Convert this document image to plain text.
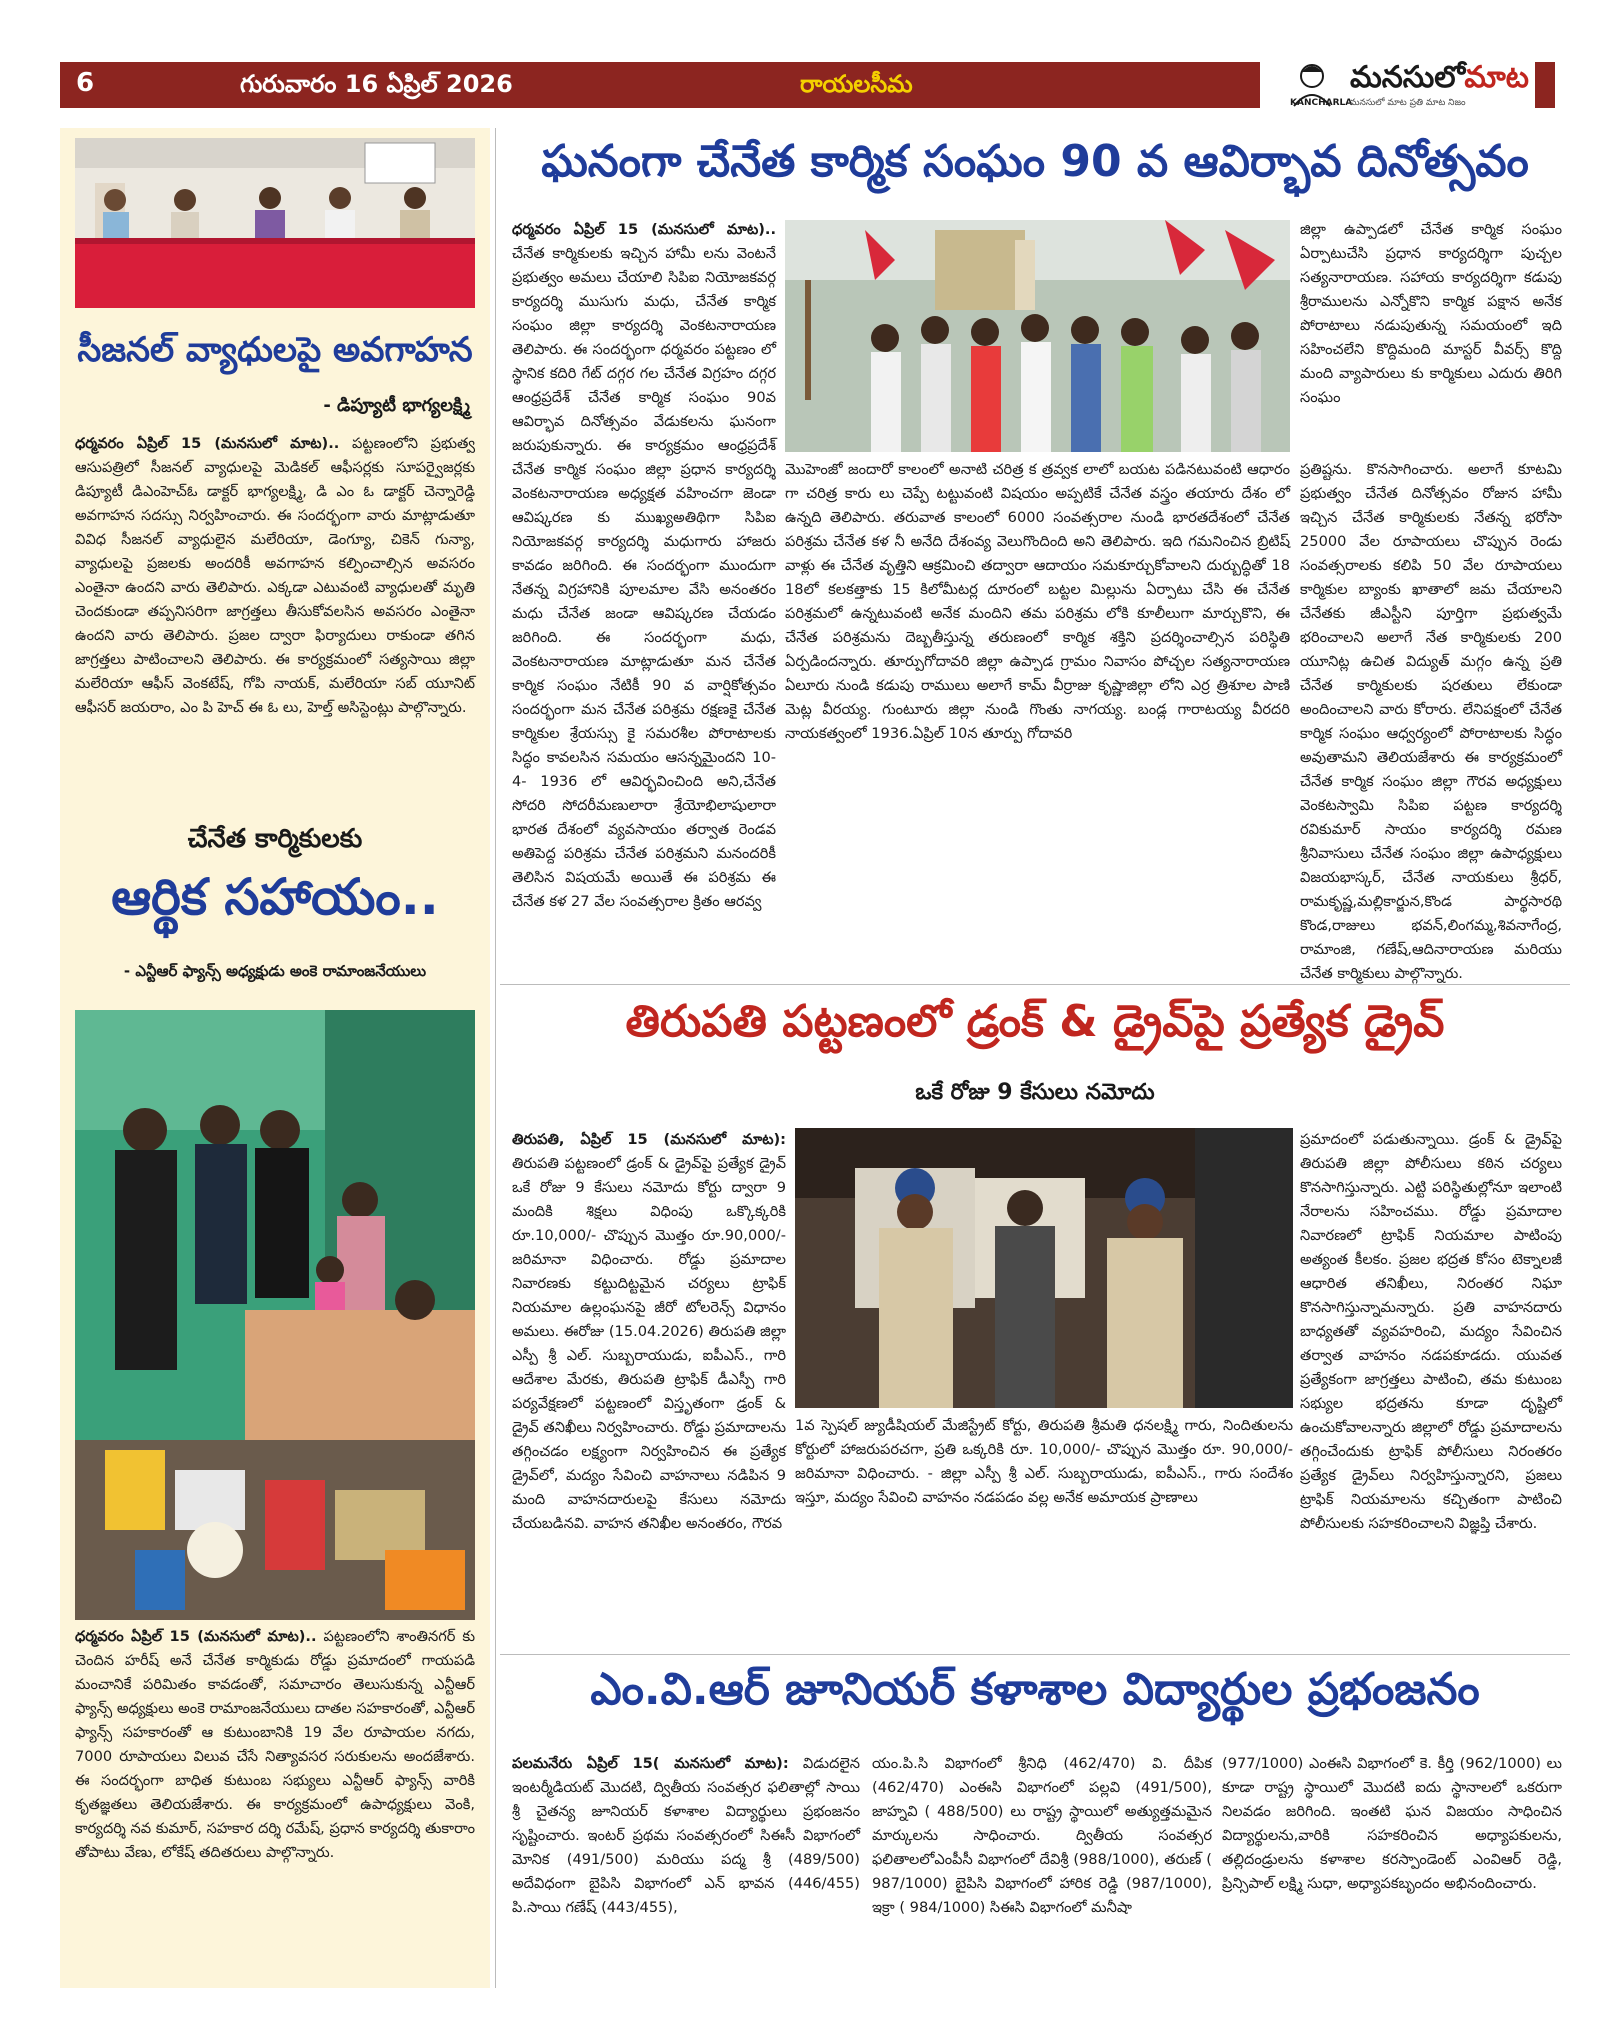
6	గురువారం 16 ఏప్రిల్ 2026	రాయలసీమ	మనసులోమాట
KANCHARLA
మనసులో మాట ప్రతి మాట నిజం
సీజనల్ వ్యాధులపై అవగాహన
- డిప్యూటీ భాగ్యలక్ష్మి
ధర్మవరం ఏప్రిల్ 15 (మనసులో మాట).. పట్టణంలోని ప్రభుత్వ ఆసుపత్రిలో సీజనల్ వ్యాధులపై మెడికల్ ఆఫీసర్లకు సూపర్వైజర్లకు డిప్యూటీ డిఎంహెచ్ఓ డాక్టర్ భాగ్యలక్ష్మి, డి ఎం ఓ డాక్టర్ చెన్నారెడ్డి అవగాహన సదస్సు నిర్వహించారు. ఈ సందర్భంగా వారు మాట్లాడుతూ వివిధ సీజనల్ వ్యాధులైన మలేరియా, డెంగ్యూ, చికెన్ గున్యా, వ్యాధులపై ప్రజలకు అందరికీ అవగాహన కల్పించాల్సిన అవసరం ఎంతైనా ఉందని వారు తెలిపారు. ఎక్కడా ఎటువంటి వ్యాధులతో మృతి చెందకుండా తప్పనిసరిగా జాగ్రత్తలు తీసుకోవలసిన అవసరం ఎంతైనా ఉందని వారు తెలిపారు. ప్రజల ద్వారా ఫిర్యాదులు రాకుండా తగిన జాగ్రత్తలు పాటించాలని తెలిపారు. ఈ కార్యక్రమంలో సత్యసాయి జిల్లా మలేరియా ఆఫీస్ వెంకటేష్, గోపి నాయక్, మలేరియా సబ్ యూనిట్ ఆఫీసర్ జయరాం, ఎం పి హెచ్ ఈ ఓ లు, హెల్త్ అసిస్టెంట్లు పాల్గొన్నారు.
చేనేత కార్మికులకు
ఆర్థిక సహాయం..
- ఎన్టీఆర్ ఫ్యాన్స్ అధ్యక్షుడు అంకె రామాంజనేయులు
ధర్మవరం ఏప్రిల్ 15 (మనసులో మాట).. పట్టణంలోని శాంతినగర్ కు చెందిన హరీష్ అనే చేనేత కార్మికుడు రోడ్డు ప్రమాదంలో గాయపడి మంచానికే పరిమితం కావడంతో, సమాచారం తెలుసుకున్న ఎన్టీఆర్ ఫ్యాన్స్ అధ్యక్షులు అంకె రామాంజనేయులు దాతల సహకారంతో, ఎన్టీఆర్ ఫ్యాన్స్ సహకారంతో ఆ కుటుంబానికి 19 వేల రూపాయల నగదు, 7000 రూపాయలు విలువ చేసే నిత్యావసర సరుకులను అందజేశారు. ఈ సందర్భంగా బాధిత కుటుంబ సభ్యులు ఎన్టీఆర్ ఫ్యాన్స్ వారికి కృతజ్ఞతలు తెలియజేశారు. ఈ కార్యక్రమంలో ఉపాధ్యక్షులు వెంకి, కార్యదర్శి నవ కుమార్, సహకార దర్శి రమేష్, ప్రధాన కార్యదర్శి తుకారాం తోపాటు వేణు, లోకేష్ తదితరులు పాల్గొన్నారు.
ఘనంగా చేనేత కార్మిక సంఘం 90 వ ఆవిర్భావ దినోత్సవం
ధర్మవరం ఏప్రిల్ 15 (మనసులో మాట).. చేనేత కార్మికులకు ఇచ్చిన హామీ లను వెంటనే ప్రభుత్వం అమలు చేయాలి సిపిఐ నియోజకవర్గ కార్యదర్శి ముసుగు మధు, చేనేత కార్మిక సంఘం జిల్లా కార్యదర్శి వెంకటనారాయణ తెలిపారు. ఈ సందర్భంగా ధర్మవరం పట్టణం లో స్థానిక కదిరి గేట్ దగ్గర గల చేనేత విగ్రహం దగ్గర ఆంధ్రప్రదేశ్ చేనేత కార్మిక సంఘం 90వ ఆవిర్భావ దినోత్సవం వేడుకలను ఘనంగా జరుపుకున్నారు. ఈ కార్యక్రమం ఆంధ్రప్రదేశ్ చేనేత కార్మిక సంఘం జిల్లా ప్రధాన కార్యదర్శి వెంకటనారాయణ అధ్యక్షత వహించగా జెండా ఆవిష్కరణ కు ముఖ్యఅతిథిగా సిపిఐ నియోజకవర్గ కార్యదర్శి మధుగారు హాజరు కావడం జరిగింది. ఈ సందర్భంగా ముందుగా నేతన్న విగ్రహానికి పూలమాల వేసి అనంతరం మధు చేనేత జండా ఆవిష్కరణ చేయడం జరిగింది. ఈ సందర్భంగా మధు, వెంకటనారాయణ మాట్లాడుతూ మన చేనేత కార్మిక సంఘం నేటికీ 90 వ వార్షికోత్సవం సందర్భంగా మన చేనేత పరిశ్రమ రక్షణకై చేనేత కార్మికుల శ్రేయస్సు కై సమరశీల పోరాటాలకు సిద్ధం కావలసిన సమయం ఆసన్నమైందని 10- 4- 1936 లో ఆవిర్భవించింది అని,చేనేత సోదరి సోదరీమణులారా శ్రేయోభిలాషులారా భారత దేశంలో వ్యవసాయం తర్వాత రెండవ అతిపెద్ద పరిశ్రమ చేనేత పరిశ్రమని మనందరికీ తెలిసిన విషయమే అయితే ఈ పరిశ్రమ ఈ చేనేత కళ 27 వేల సంవత్సరాల క్రితం ఆరవ్వ
మొహెంజో జందారో కాలంలో అనాటి చరిత్ర క త్రవ్వక లాలో బయట పడినటువంటి ఆధారం గా చరిత్ర కారు లు చెప్పే టట్టువంటి విషయం అప్పటికే చేనేత వస్త్రం తయారు దేశం లో ఉన్నది తెలిపారు. తరువాత కాలంలో 6000 సంవత్సరాల నుండి భారతదేశంలో చేనేత పరిశ్రమ చేనేత కళ నీ అనేది దేశంవ్య వెలుగొందింది అని తెలిపారు. ఇది గమనించిన బ్రిటిష్ వాళ్లు ఈ చేనేత వృత్తిని ఆక్రమించి తద్వారా ఆదాయం సమకూర్చుకోవాలని దుర్బుద్ధితో 18 18లో కలకత్తాకు 15 కిలోమీటర్ల దూరంలో బట్టల మిల్లును ఏర్పాటు చేసి ఈ చేనేత పరిశ్రమలో ఉన్నటువంటి అనేక మందిని తమ పరిశ్రమ లోకి కూలీలుగా మార్చుకొని, ఈ చేనేత పరిశ్రమను దెబ్బతీస్తున్న తరుణంలో కార్మిక శక్తిని ప్రదర్శించాల్సిన పరిస్థితి ఏర్పడిందన్నారు. తూర్పుగోదావరి జిల్లా ఉప్పాడ గ్రామం నివాసం పోచ్చల సత్యనారాయణ ఏలూరు నుండి కడుపు రాములు అలాగే కామ్ వీర్రాజు కృష్ణాజిల్లా లోని ఎర్ర త్రిశూల పాణి మెట్ల వీరయ్య. గుంటూరు జిల్లా నుండి గొంతు నాగయ్య. బండ్ల గారాటయ్య వీరదరి నాయకత్వంలో 1936.ఏప్రిల్ 10న తూర్పు గోదావరి
జిల్లా ఉప్పాడలో చేనేత కార్మిక సంఘం ఏర్పాటుచేసి ప్రధాన కార్యదర్శిగా పుచ్చల సత్యనారాయణ. సహాయ కార్యదర్శిగా కడుపు శ్రీరాములను ఎన్నోకొని కార్మిక పక్షాన అనేక పోరాటాలు నడుపుతున్న సమయంలో ఇది సహించలేని కొద్దిమంది మాస్టర్ వీవర్స్ కొద్ది మంది వ్యాపారులు కు కార్మికులు ఎదురు తిరిగి సంఘం
ప్రతిష్టను. కొనసాగించారు. అలాగే కూటమి ప్రభుత్వం చేనేత దినోత్సవం రోజున హామీ ఇచ్చిన చేనేత కార్మికులకు నేతన్న భరోసా 25000 వేల రూపాయలు చొప్పున రెండు సంవత్సరాలకు కలిపి 50 వేల రూపాయలు కార్మికుల బ్యాంకు ఖాతాలో జమ చేయాలని చేనేతకు జీఎస్టీని పూర్తిగా ప్రభుత్వమే భరించాలని అలాగే నేత కార్మికులకు 200 యూనిట్ల ఉచిత విద్యుత్ మగ్గం ఉన్న ప్రతి చేనేత కార్మికులకు షరతులు లేకుండా అందించాలని వారు కోరారు. లేనిపక్షంలో చేనేత కార్మిక సంఘం ఆధ్వర్యంలో పోరాటాలకు సిద్ధం అవుతామని తెలియజేశారు ఈ కార్యక్రమంలో చేనేత కార్మిక సంఘం జిల్లా గౌరవ అధ్యక్షులు వెంకటస్వామి సిపిఐ పట్టణ కార్యదర్శి రవికుమార్ సాయం కార్యదర్శి రమణ శ్రీనివాసులు చేనేత సంఘం జిల్లా ఉపాధ్యక్షులు విజయభాస్కర్, చేనేత నాయకులు శ్రీధర్, రామకృష్ణ,మల్లికార్జున,కొండ పార్థసారథి కొండ,రాజులు భవన్,లింగమ్మ,శివనాగేంద్ర, రామాంజి, గణేష్,ఆదినారాయణ మరియు చేనేత కార్మికులు పాల్గొన్నారు.
తిరుపతి పట్టణంలో డ్రంక్ & డ్రైవ్‌పై ప్రత్యేక డ్రైవ్
ఒకే రోజు 9 కేసులు నమోదు
తిరుపతి, ఏప్రిల్ 15 (మనసులో మాట): తిరుపతి పట్టణంలో డ్రంక్ & డ్రైవ్‌పై ప్రత్యేక డ్రైవ్ ఒకే రోజు 9 కేసులు నమోదు కోర్టు ద్వారా 9 మందికి శిక్షలు విధింపు ఒక్కొక్కరికి రూ.10,000/- చొప్పున మొత్తం రూ.90,000/- జరిమానా విధించారు. రోడ్డు ప్రమాదాల నివారణకు కట్టుదిట్టమైన చర్యలు ట్రాఫిక్ నియమాల ఉల్లంఘనపై జీరో టోలరెన్స్ విధానం అమలు. ఈరోజు (15.04.2026) తిరుపతి జిల్లా ఎస్పీ శ్రీ ఎల్. సుబ్బరాయుడు, ఐపీఎస్., గారి ఆదేశాల మేరకు, తిరుపతి ట్రాఫిక్ డీఎస్పీ గారి పర్యవేక్షణలో పట్టణంలో విస్తృతంగా డ్రంక్ & డ్రైవ్ తనిఖీలు నిర్వహించారు. రోడ్డు ప్రమాదాలను తగ్గించడం లక్ష్యంగా నిర్వహించిన ఈ ప్రత్యేక డ్రైవ్‌లో, మద్యం సేవించి వాహనాలు నడిపిన 9 మంది వాహనదారులపై కేసులు నమోదు చేయబడినవి. వాహన తనిఖీల అనంతరం, గౌరవ
1వ స్పెషల్ జ్యుడీషియల్ మేజిస్ట్రేట్ కోర్టు, తిరుపతి శ్రీమతి ధనలక్ష్మి గారు, నిందితులను కోర్టులో హాజరుపరచగా, ప్రతి ఒక్కరికి రూ. 10,000/- చొప్పున మొత్తం రూ. 90,000/- జరిమానా విధించారు. - జిల్లా ఎస్పీ శ్రీ ఎల్. సుబ్బరాయుడు, ఐపీఎస్., గారు సందేశం ఇస్తూ, మద్యం సేవించి వాహనం నడపడం వల్ల అనేక అమాయక ప్రాణాలు
ప్రమాదంలో పడుతున్నాయి. డ్రంక్ & డ్రైవ్‌పై తిరుపతి జిల్లా పోలీసులు కఠిన చర్యలు కొనసాగిస్తున్నారు. ఎట్టి పరిస్థితుల్లోనూ ఇలాంటి నేరాలను సహించము. రోడ్డు ప్రమాదాల నివారణలో ట్రాఫిక్ నియమాల పాటింపు అత్యంత కీలకం. ప్రజల భద్రత కోసం టెక్నాలజీ ఆధారిత తనిఖీలు, నిరంతర నిఘా కొనసాగిస్తున్నామన్నారు. ప్రతి వాహనదారు బాధ్యతతో వ్యవహరించి, మద్యం సేవించిన తర్వాత వాహనం నడపకూడదు. యువత ప్రత్యేకంగా జాగ్రత్తలు పాటించి, తమ కుటుంబ సభ్యుల భద్రతను కూడా దృష్టిలో ఉంచుకోవాలన్నారు జిల్లాలో రోడ్డు ప్రమాదాలను తగ్గించేందుకు ట్రాఫిక్ పోలీసులు నిరంతరం ప్రత్యేక డ్రైవ్‌లు నిర్వహిస్తున్నారని, ప్రజలు ట్రాఫిక్ నియమాలను కచ్చితంగా పాటించి పోలీసులకు సహకరించాలని విజ్ఞప్తి చేశారు.
ఎం.వి.ఆర్ జూనియర్ కళాశాల విద్యార్థుల ప్రభంజనం
పలమనేరు ఏప్రిల్ 15( మనసులో మాట): విడుదలైన ఇంటర్మీడియట్ మొదటి, ద్వితీయ సంవత్సర ఫలితాల్లో సాయి శ్రీ చైతన్య జూనియర్ కళాశాల విద్యార్థులు ప్రభంజనం సృష్టించారు. ఇంటర్ ప్రథమ సంవత్సరంలో సిఈసీ విభాగంలో మోనిక (491/500) మరియు పద్మ శ్రీ (489/500) అదేవిధంగా బైపిసి విభాగంలో ఎన్ భావన (446/455) పి.సాయి గణేష్ (443/455),
యం.పి.సి విభాగంలో శ్రీనిధి (462/470) వి. దీపిక (462/470) ఎంఈసి విభాగంలో పల్లవి (491/500), జాహ్నవి ( 488/500) లు రాష్ట్ర స్థాయిలో అత్యుత్తమమైన మార్కులను సాధించారు. ద్వితీయ సంవత్సర ఫలితాలలోఎంపీసీ విభాగంలో దేవిశ్రీ (988/1000), తరుణ్ ( 987/1000) బైపిసి విభాగంలో హారిక రెడ్డి (987/1000), ఇక్రా ( 984/1000) సిఈసి విభాగంలో మనీషా
(977/1000) ఎంఈసి విభాగంలో కె. కీర్తి (962/1000) లు కూడా రాష్ట్ర స్థాయిలో మొదటి ఐదు స్థానాలలో ఒకరుగా నిలవడం జరిగింది. ఇంతటి ఘన విజయం సాధించిన విద్యార్థులను,వారికి సహకరించిన అధ్యాపకులను, తల్లిదండ్రులను కళాశాల కరస్పాండెంట్ ఎంవిఆర్ రెడ్డి, ప్రిన్సిపాల్ లక్ష్మి సుధా, అధ్యాపకబృందం అభినందించారు.
